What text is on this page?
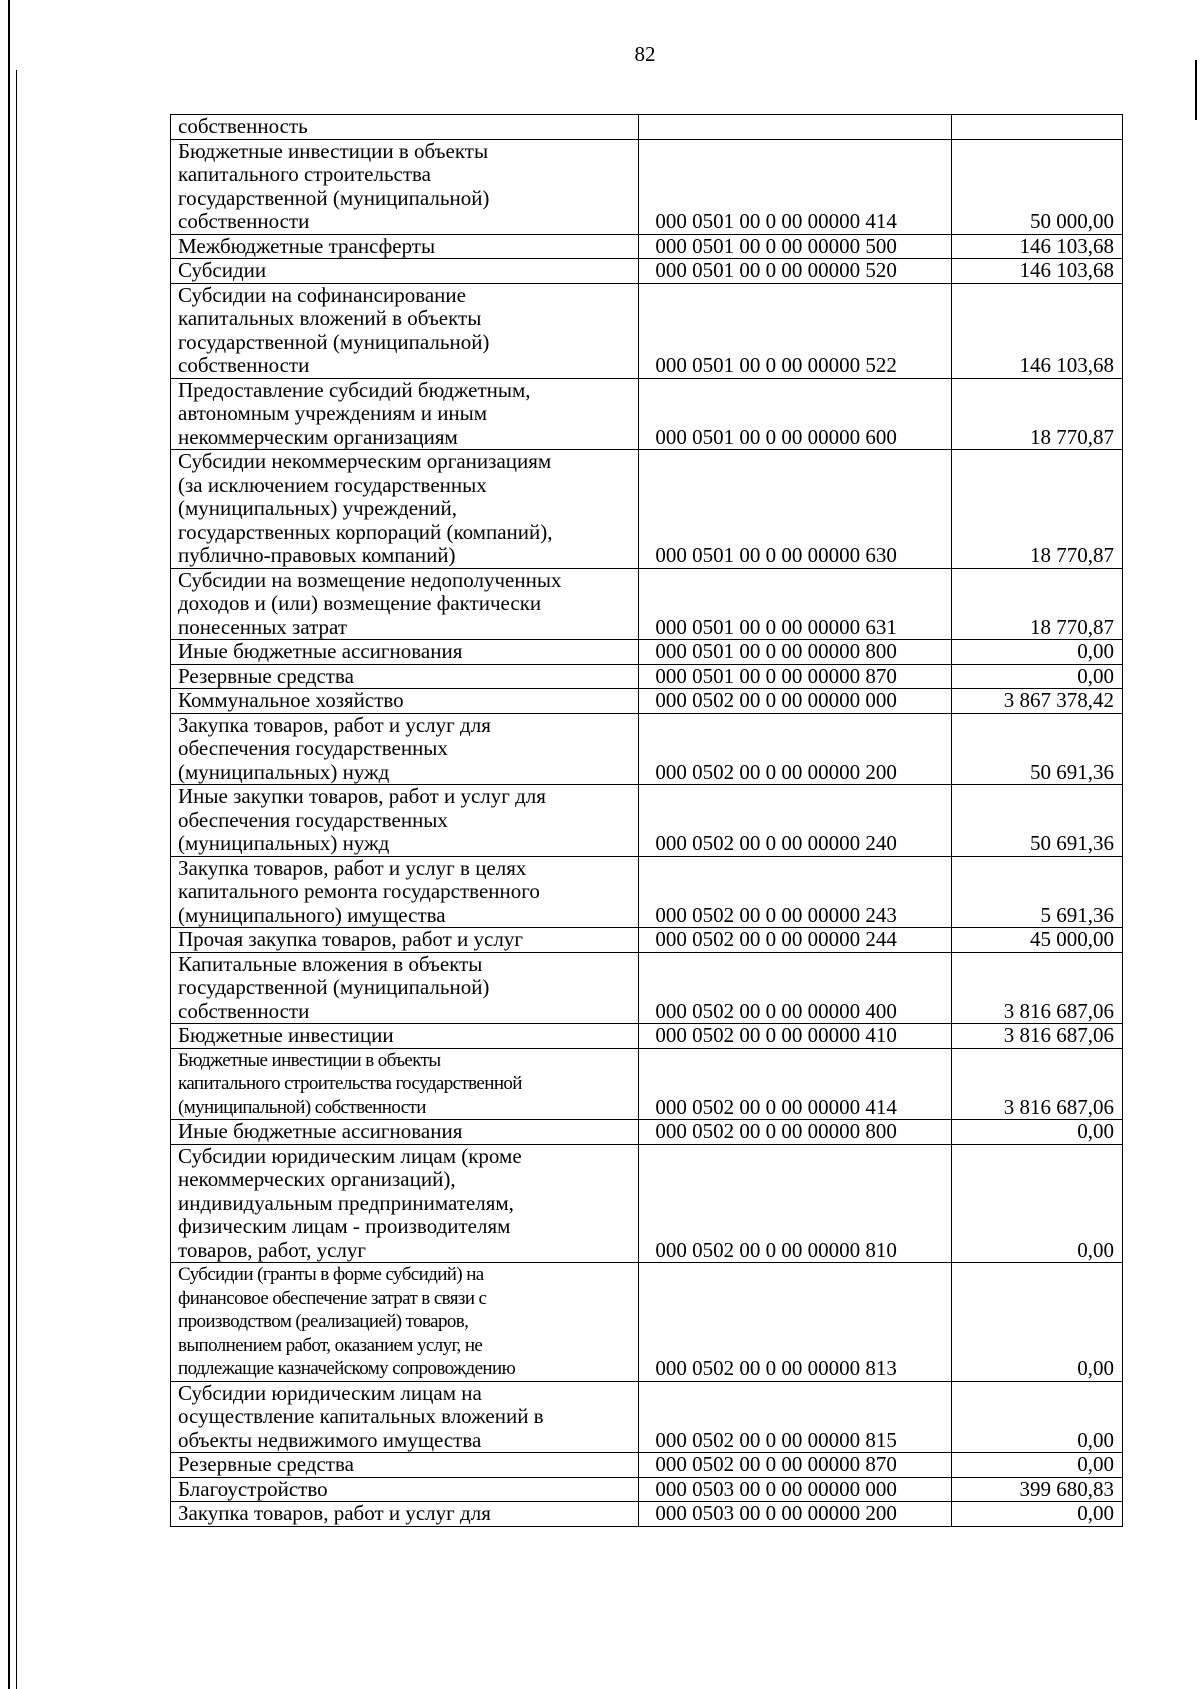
82
собственность				
Бюджетные инвестиции в объекты
капитального строительства
государственной (муниципальной)
собственности		000 0501 00 0 00 00000 414		50 000,00
Межбюджетные трансферты		000 0501 00 0 00 00000 500		146 103,68
Субсидии		000 0501 00 0 00 00000 520		146 103,68
Субсидии на софинансирование
капитальных вложений в объекты
государственной (муниципальной)
собственности		000 0501 00 0 00 00000 522		146 103,68
Предоставление субсидий бюджетным,
автономным учреждениям и иным
некоммерческим организациям		000 0501 00 0 00 00000 600		18 770,87
Субсидии некоммерческим организациям
(за исключением государственных
(муниципальных) учреждений,
государственных корпораций (компаний),
публично-правовых компаний)		000 0501 00 0 00 00000 630		18 770,87
Субсидии на возмещение недополученных
доходов и (или) возмещение фактически
понесенных затрат		000 0501 00 0 00 00000 631		18 770,87
Иные бюджетные ассигнования		000 0501 00 0 00 00000 800		0,00
Резервные средства		000 0501 00 0 00 00000 870		0,00
Коммунальное хозяйство		000 0502 00 0 00 00000 000		3 867 378,42
Закупка товаров, работ и услуг для
обеспечения государственных
(муниципальных) нужд		000 0502 00 0 00 00000 200		50 691,36
Иные закупки товаров, работ и услуг для
обеспечения государственных
(муниципальных) нужд		000 0502 00 0 00 00000 240		50 691,36
Закупка товаров, работ и услуг в целях
капитального ремонта государственного
(муниципального) имущества		000 0502 00 0 00 00000 243		5 691,36
Прочая закупка товаров, работ и услуг		000 0502 00 0 00 00000 244		45 000,00
Капитальные вложения в объекты
государственной (муниципальной)
собственности		000 0502 00 0 00 00000 400		3 816 687,06
Бюджетные инвестиции		000 0502 00 0 00 00000 410		3 816 687,06
Бюджетные инвестиции в объекты
капитального строительства государственной
(муниципальной) собственности		000 0502 00 0 00 00000 414		3 816 687,06
Иные бюджетные ассигнования		000 0502 00 0 00 00000 800		0,00
Субсидии юридическим лицам (кроме
некоммерческих организаций),
индивидуальным предпринимателям,
физическим лицам - производителям
товаров, работ, услуг		000 0502 00 0 00 00000 810		0,00
Субсидии (гранты в форме субсидий) на
финансовое обеспечение затрат в связи с
производством (реализацией) товаров,
выполнением работ, оказанием услуг, не
подлежащие казначейскому сопровождению		000 0502 00 0 00 00000 813		0,00
Субсидии юридическим лицам на
осуществление капитальных вложений в
объекты недвижимого имущества		000 0502 00 0 00 00000 815		0,00
Резервные средства		000 0502 00 0 00 00000 870		0,00
Благоустройство		000 0503 00 0 00 00000 000		399 680,83
Закупка товаров, работ и услуг для		000 0503 00 0 00 00000 200		0,00
